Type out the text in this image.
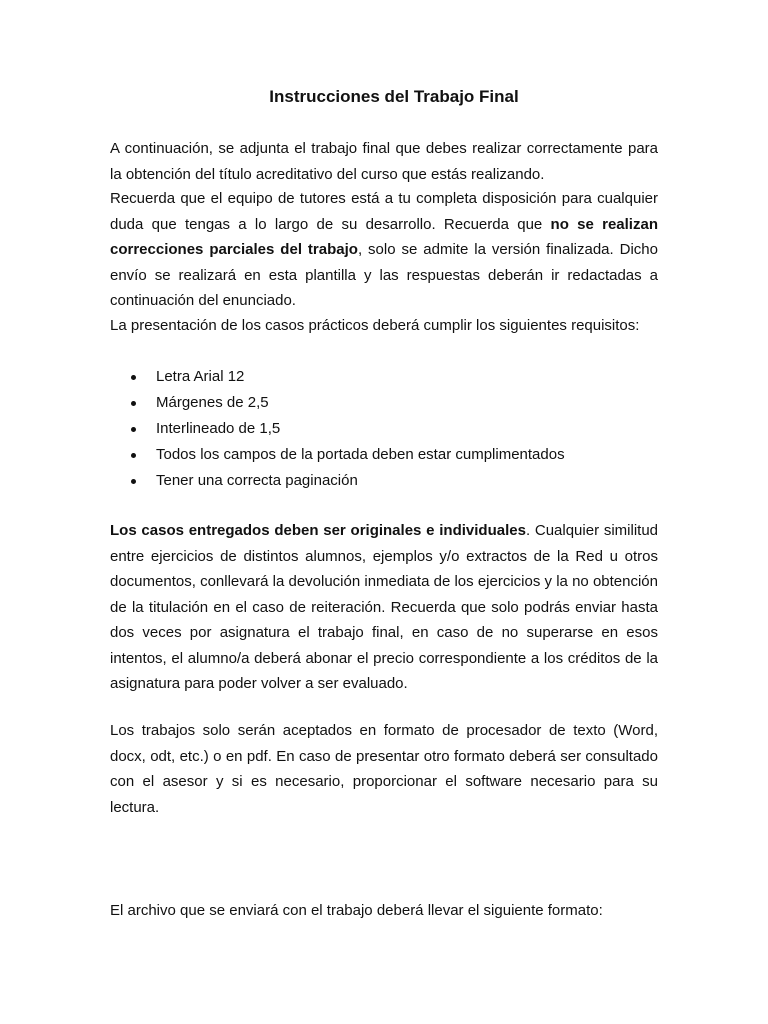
Instrucciones del Trabajo Final
A continuación, se adjunta el trabajo final que debes realizar correctamente para la obtención del título acreditativo del curso que estás realizando.
Recuerda que el equipo de tutores está a tu completa disposición para cualquier duda que tengas a lo largo de su desarrollo. Recuerda que no se realizan correcciones parciales del trabajo, solo se admite la versión finalizada. Dicho envío se realizará en esta plantilla y las respuestas deberán ir redactadas a continuación del enunciado.
La presentación de los casos prácticos deberá cumplir los siguientes requisitos:
Letra Arial 12
Márgenes de 2,5
Interlineado de 1,5
Todos los campos de la portada deben estar cumplimentados
Tener una correcta paginación
Los casos entregados deben ser originales e individuales. Cualquier similitud entre ejercicios de distintos alumnos, ejemplos y/o extractos de la Red u otros documentos, conllevará la devolución inmediata de los ejercicios y la no obtención de la titulación en el caso de reiteración. Recuerda que solo podrás enviar hasta dos veces por asignatura el trabajo final, en caso de no superarse en esos intentos, el alumno/a deberá abonar el precio correspondiente a los créditos de la asignatura para poder volver a ser evaluado.
Los trabajos solo serán aceptados en formato de procesador de texto (Word, docx, odt, etc.) o en pdf. En caso de presentar otro formato deberá ser consultado con el asesor y si es necesario, proporcionar el software necesario para su lectura.
El archivo que se enviará con el trabajo deberá llevar el siguiente formato:
